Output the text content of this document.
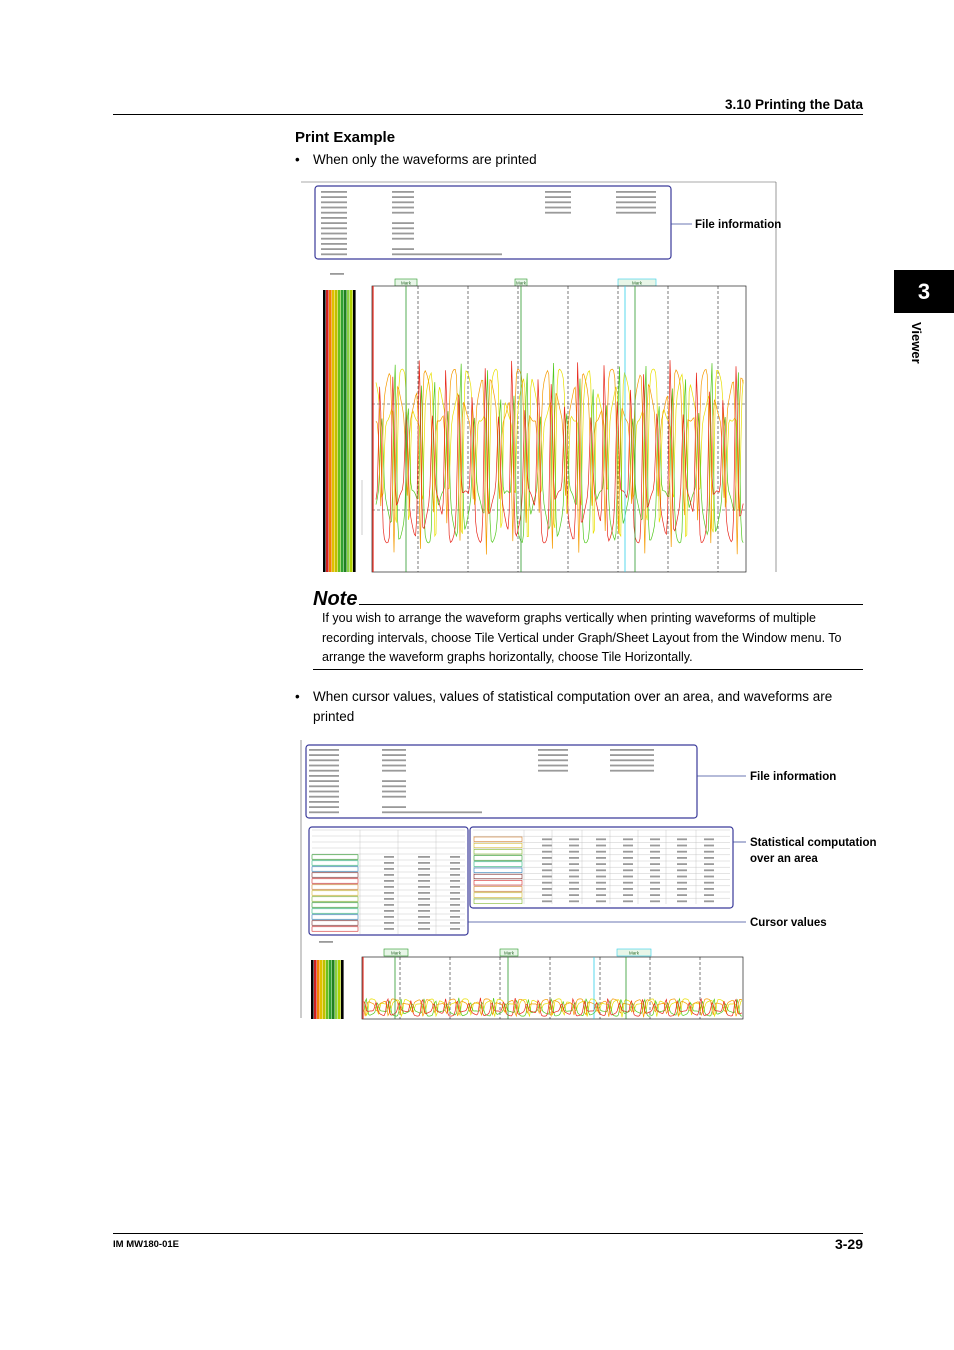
3.10 Printing the Data
3
Viewer
Print Example
• When only the waveforms are printed
Mark	Mark	Mark
File information
Note
If you wish to arrange the waveform graphs vertically when printing waveforms of multiple recording intervals, choose Tile Vertical under Graph/Sheet Layout from the Window menu. To arrange the waveform graphs horizontally, choose Tile Horizontally.
• When cursor values, values of statistical computation over an area, and waveforms are printed
Mark	Mark	Mark
File information
Statistical computation
over an area
Cursor values
IM MW180-01E	3-29
